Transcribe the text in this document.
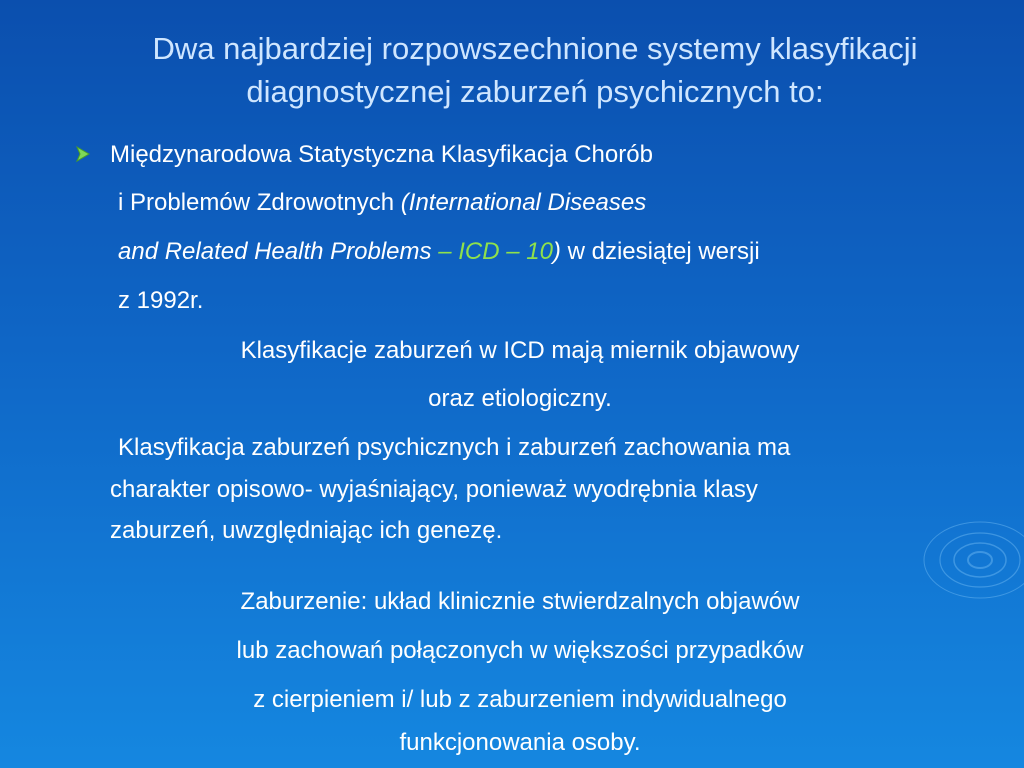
Dwa najbardziej rozpowszechnione systemy klasyfikacji
diagnostycznej zaburzeń psychicznych to:
Międzynarodowa Statystyczna Klasyfikacja Chorób
i Problemów Zdrowotnych (International Diseases
and Related Health Problems – ICD – 10) w dziesiątej wersji
z 1992r.
Klasyfikacje zaburzeń w ICD mają miernik objawowy
oraz etiologiczny.
Klasyfikacja zaburzeń psychicznych i zaburzeń zachowania ma
charakter opisowo- wyjaśniający, ponieważ wyodrębnia klasy
zaburzeń, uwzględniając ich genezę.
Zaburzenie: układ klinicznie stwierdzalnych objawów
lub zachowań połączonych w większości przypadków
z cierpieniem i/ lub z zaburzeniem indywidualnego
funkcjonowania osoby.
